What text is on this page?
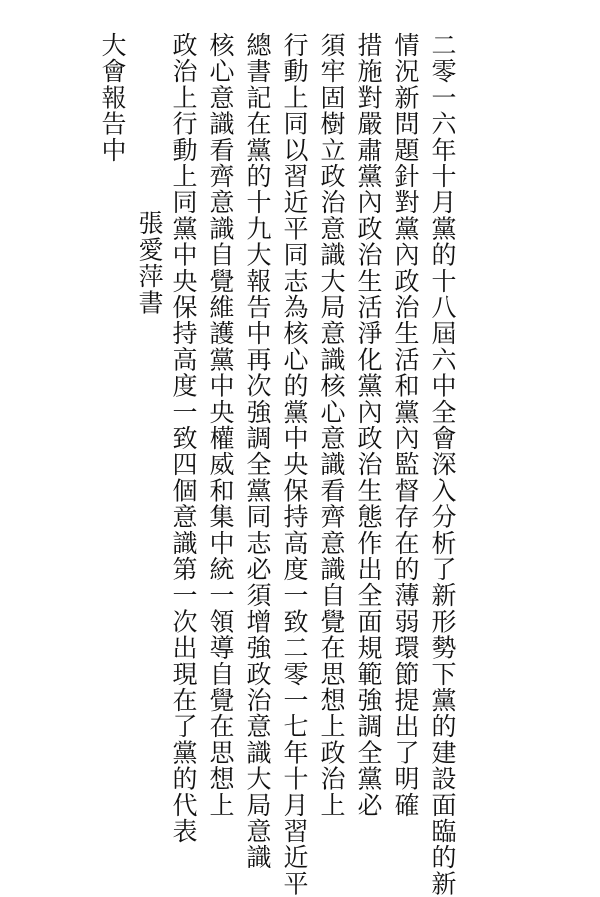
二零一六年十月黨的十八屆六中全會深入分析了新形勢下黨的建設面臨的新
情況新問題針對黨內政治生活和黨內監督存在的薄弱環節提出了明確
措施對嚴肅黨內政治生活淨化黨內政治生態作出全面規範強調全黨必
須牢固樹立政治意識大局意識核心意識看齊意識自覺在思想上政治上
行動上同以習近平同志為核心的黨中央保持高度一致二零一七年十月習近平
總書記在黨的十九大報告中再次強調全黨同志必須增強政治意識大局意識
核心意識看齊意識自覺維護黨中央權威和集中統一領導自覺在思想上
政治上行動上同黨中央保持高度一致四個意識第一次出現在了黨的代表
張愛萍書
大會報告中
